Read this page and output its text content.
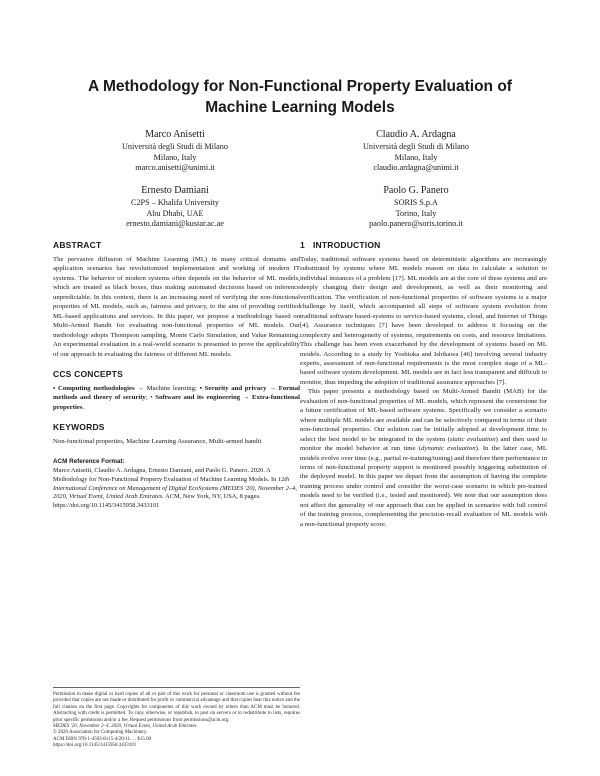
A Methodology for Non-Functional Property Evaluation of
Machine Learning Models
Marco Anisetti
Università degli Studi di Milano
Milano, Italy
marco.anisetti@unimi.it
Claudio A. Ardagna
Università degli Studi di Milano
Milano, Italy
claudio.ardagna@unimi.it
Ernesto Damiani
C2PS – Khalifa University
Abu Dhabi, UAE
ernesto.damiani@kustar.ac.ae
Paolo G. Panero
SORIS S.p.A
Torino, Italy
paolo.panero@soris.torino.it
ABSTRACT
The pervasive diffusion of Machine Learning (ML) in many critical domains and application scenarios has revolutionized implementation and working of modern IT systems. The behavior of modern systems often depends on the behavior of ML models, which are treated as black boxes, thus making automated decisions based on inference unpredictable. In this context, there is an increasing need of verifying the non-functional properties of ML models, such as, fairness and privacy, to the aim of providing certified ML-based applications and services. In this paper, we propose a methodology based on Multi-Armed Bandit for evaluating non-functional properties of ML models. Our methodology adopts Thompson sampling, Monte Carlo Simulation, and Value Remaining. An experimental evaluation in a real-world scenario is presented to prove the applicability of our approach in evaluating the fairness of different ML models.
CCS CONCEPTS
• Computing methodologies → Machine learning; • Security and privacy → Formal methods and theory of security; • Software and its engineering → Extra-functional properties.
KEYWORDS
Non-functional properties, Machine Learning Assurance, Multi-armed bandit
ACM Reference Format:
Marco Anisetti, Claudio A. Ardagna, Ernesto Damiani, and Paolo G. Panero. 2020. A Methodology for Non-Functional Property Evaluation of Machine Learning Models. In 12th International Conference on Management of Digital EcoSystems (MEDES '20), November 2–4, 2020, Virtual Event, United Arab Emirates. ACM, New York, NY, USA, 8 pages. https://doi.org/10.1145/3415958.3433101
Permission to make digital or hard copies of all or part of this work for personal or classroom use is granted without fee provided that copies are not made or distributed for profit or commercial advantage and that copies bear this notice and the full citation on the first page. Copyrights for components of this work owned by others than ACM must be honored. Abstracting with credit is permitted. To copy otherwise, or republish, to post on servers or to redistribute to lists, requires prior specific permission and/or a fee. Request permissions from permissions@acm.org.
MEDES '20, November 2–4, 2020, Virtual Event, United Arab Emirates
© 2020 Association for Computing Machinery.
ACM ISBN 978-1-4503-8115-4/20/11. . . $15.00
https://doi.org/10.1145/3415958.3433101
1 INTRODUCTION
Today, traditional software systems based on deterministic algorithms are increasingly substituted by systems where ML models reason on data to calculate a solution to individual instances of a problem [17]. ML models are at the core of these systems and are deeply changing their design and development, as well as their monitoring and verification. The verification of non-functional properties of software systems is a major challenge by itself, which accompanied all steps of software system evolution from traditional software based-systems to service-based systems, cloud, and Internet of Things [4]. Assurance techniques [7] have been developed to address it focusing on the complexity and heterogeneity of systems, requirements on costs, and resource limitations. This challenge has been even exacerbated by the development of systems based on ML models. According to a study by Yoshioka and Ishikawa [46] involving several industry experts, assessment of non-functional requirements is the most complex stage of a ML-based software system development. ML models are in fact less transparent and difficult to monitor, thus impeding the adoption of traditional assurance approaches [7].
This paper presents a methodology based on Multi-Armed Bandit (MAB) for the evaluation of non-functional properties of ML models, which represent the cornerstone for a future certification of ML-based software systems. Specifically we consider a scenario where multiple ML models are available and can be selectively compared in terms of their non-functional properties. Our solution can be initially adopted at development time to select the best model to be integrated in the system (static evaluation) and then used to monitor the model behavior at run time (dynamic evaluation). In the latter case, ML models evolve over time (e.g., partial re-training/tuning) and therefore their performance in terms of non-functional property support is monitored possibly triggering substitution of the deployed model. In this paper we depart from the assumption of having the complete training process under control and consider the worst-case scenario in which pre-trained models need to be verified (i.e., tested and monitored). We note that our assumption does not affect the generality of our approach that can be applied in scenarios with full control of the training process, complementing the precision-recall evaluation of ML models with a non-functional property score.
